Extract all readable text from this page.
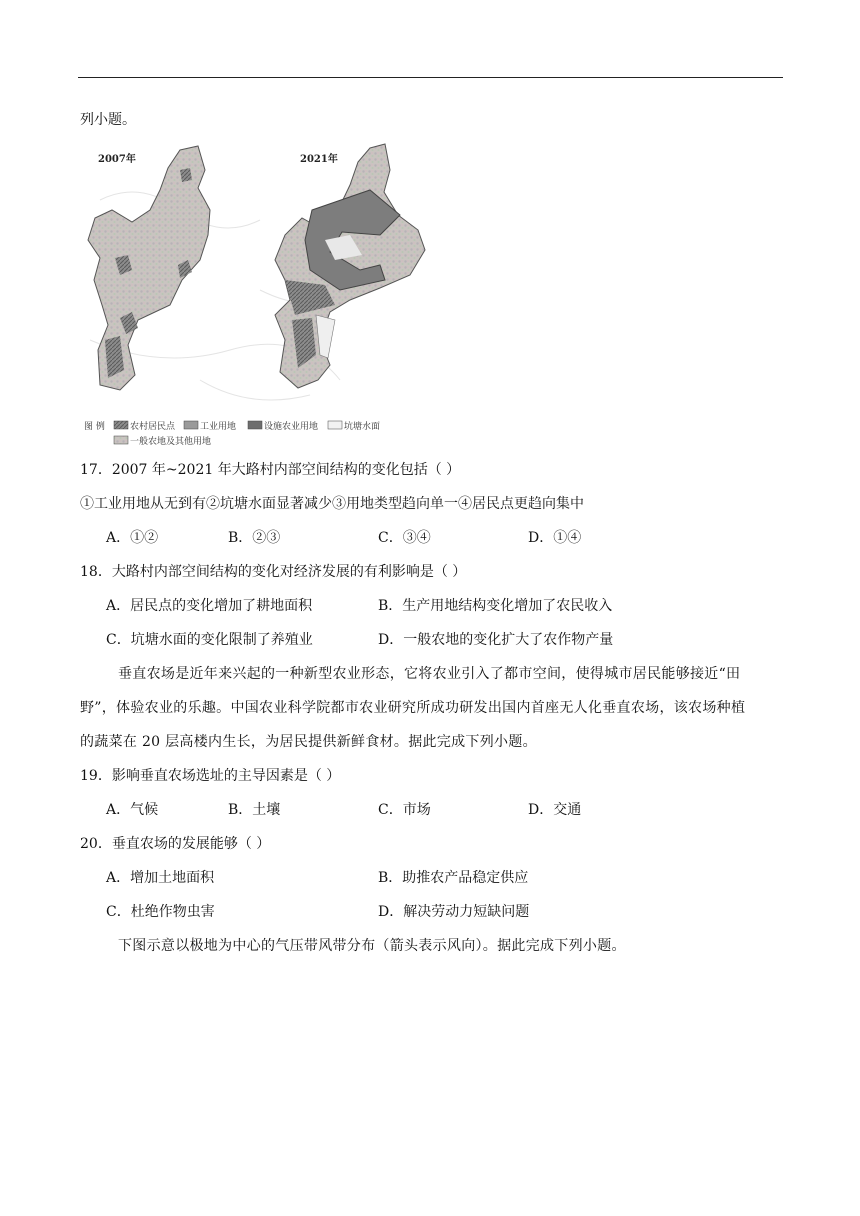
列小题。
2007年	2021年
图 例	农村居民点	工业用地	设施农业用地	坑塘水面
一般农地及其他用地
17．2007 年~2021 年大路村内部空间结构的变化包括（ ）
①工业用地从无到有②坑塘水面显著减少③用地类型趋向单一④居民点更趋向集中
A．①②	B．②③	C．③④	D．①④
18．大路村内部空间结构的变化对经济发展的有利影响是（ ）
A．居民点的变化增加了耕地面积	B．生产用地结构变化增加了农民收入
C．坑塘水面的变化限制了养殖业	D．一般农地的变化扩大了农作物产量
垂直农场是近年来兴起的一种新型农业形态，它将农业引入了都市空间，使得城市居民能够接近“田
野”，体验农业的乐趣。中国农业科学院都市农业研究所成功研发出国内首座无人化垂直农场，该农场种植
的蔬菜在 20 层高楼内生长，为居民提供新鲜食材。据此完成下列小题。
19．影响垂直农场选址的主导因素是（ ）
A．气候	B．土壤	C．市场	D．交通
20．垂直农场的发展能够（ ）
A．增加土地面积	B．助推农产品稳定供应
C．杜绝作物虫害	D．解决劳动力短缺问题
下图示意以极地为中心的气压带风带分布（箭头表示风向）。据此完成下列小题。
